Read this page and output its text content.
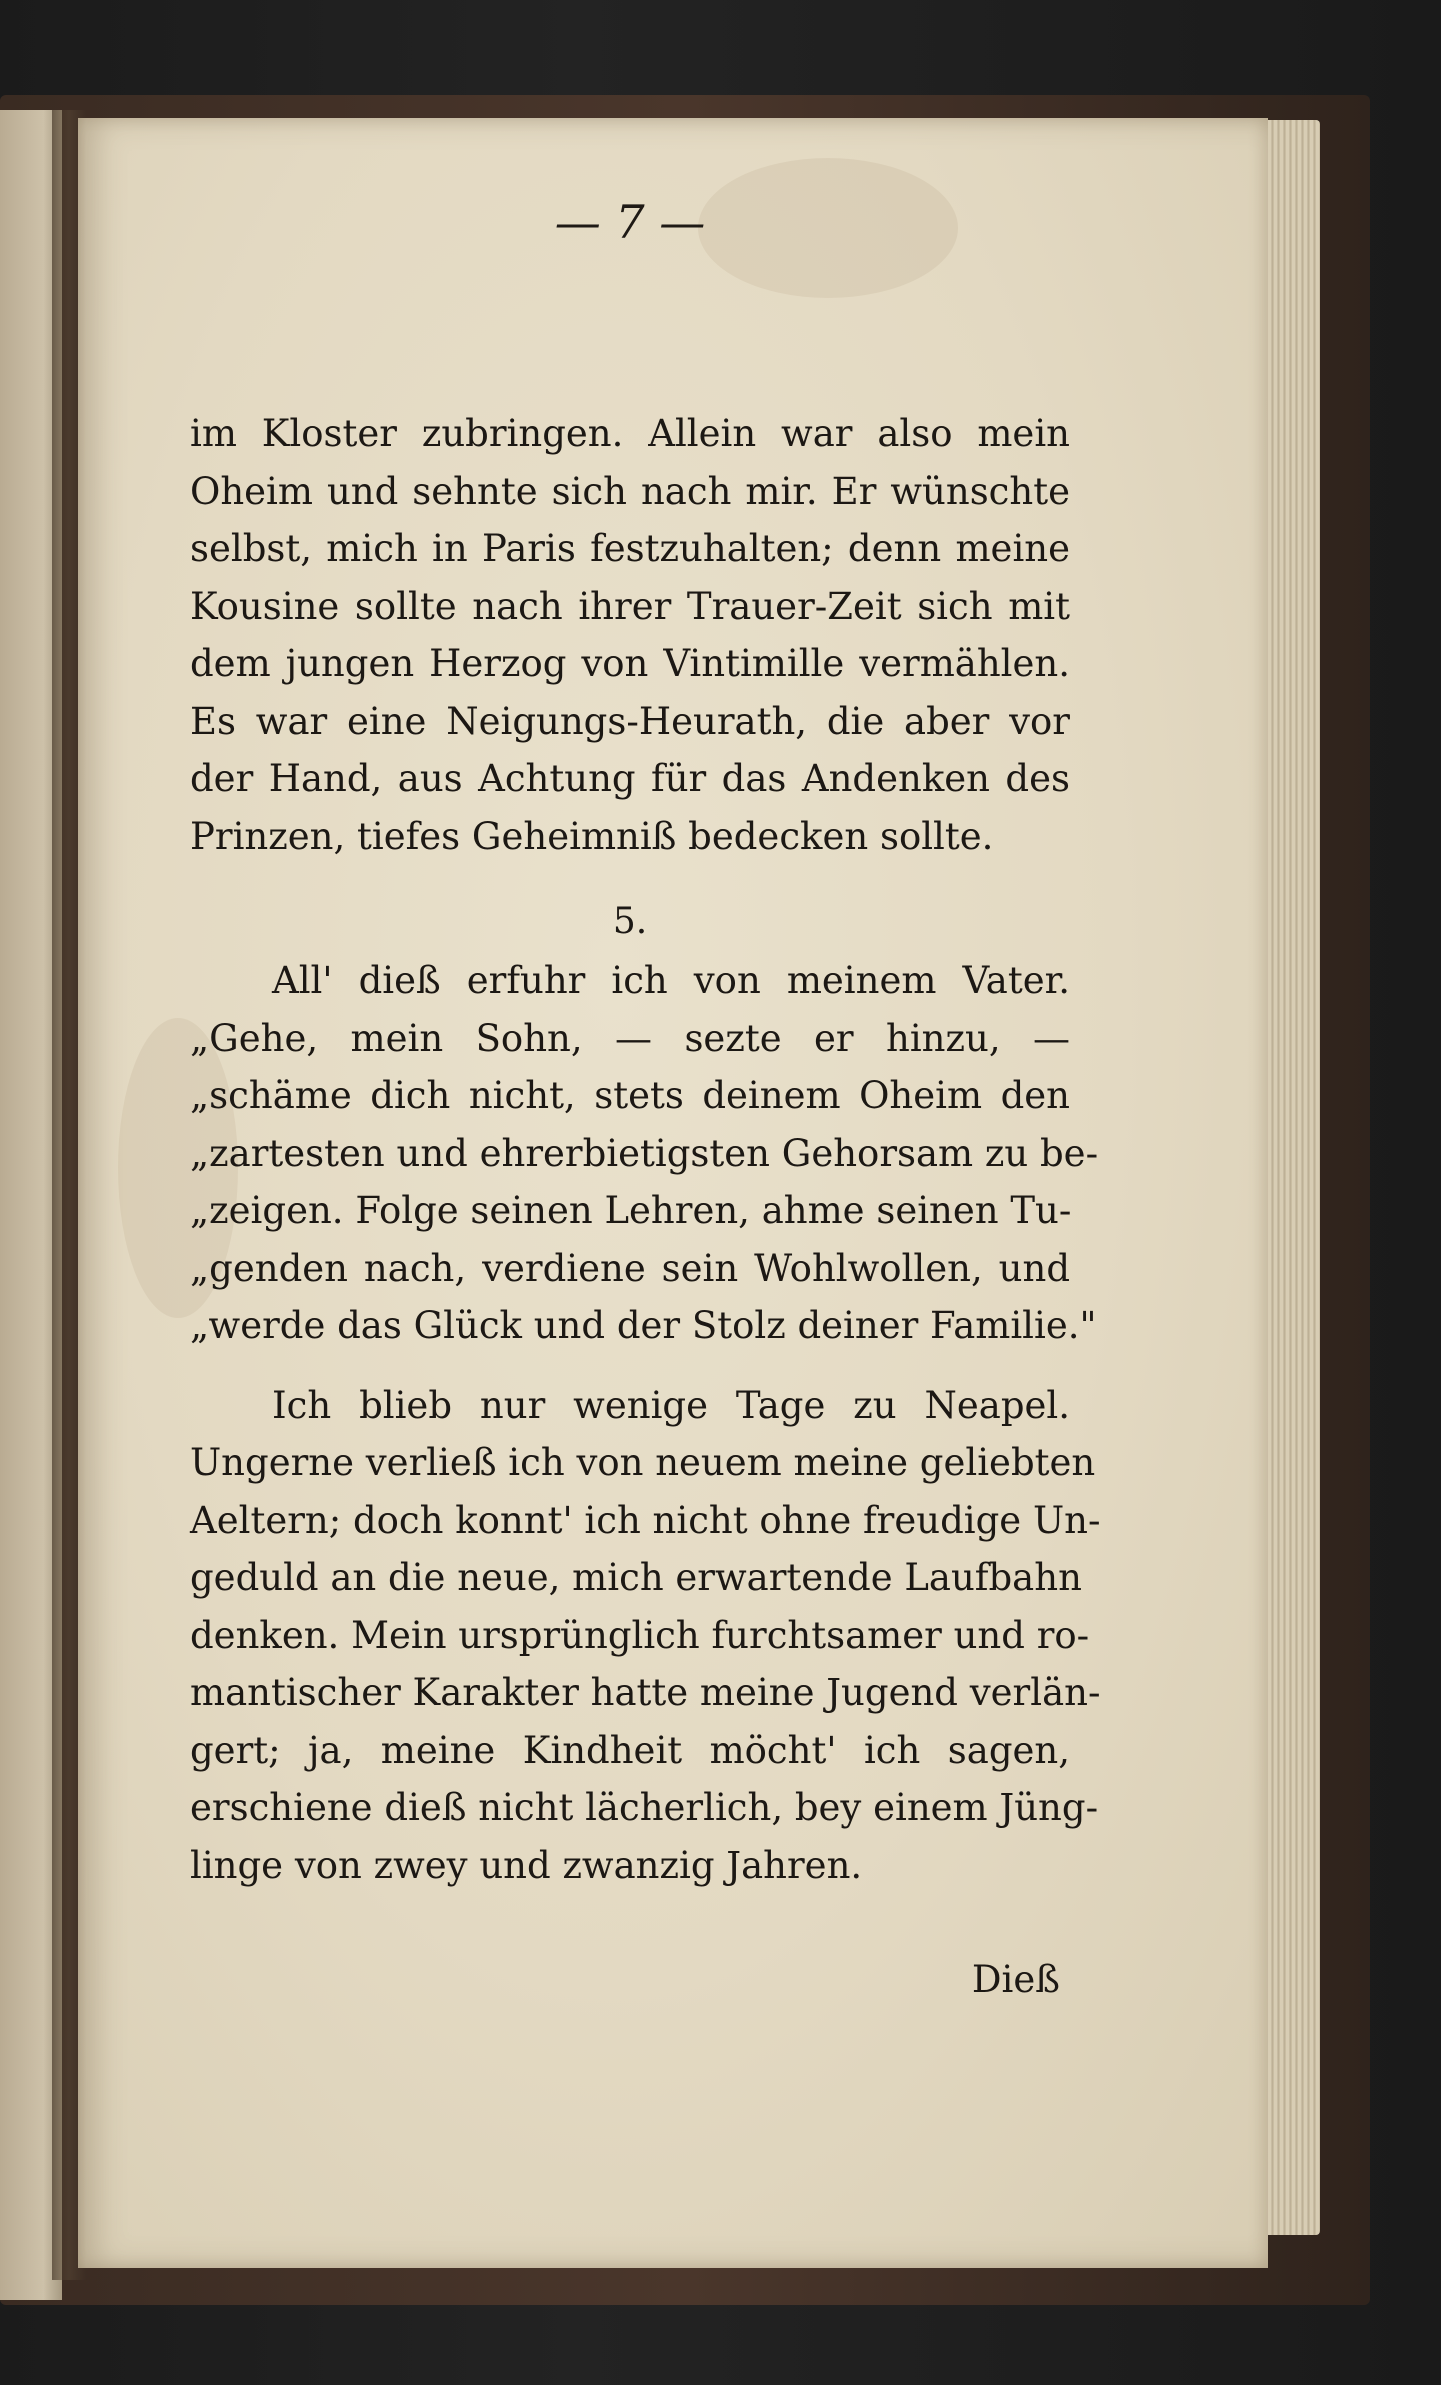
— 7 —

im Kloster zubringen. Allein war also mein
Oheim und sehnte sich nach mir. Er wünschte
selbst, mich in Paris festzuhalten; denn meine
Kousine sollte nach ihrer Trauer-Zeit sich mit
dem jungen Herzog von Vintimille vermählen.
Es war eine Neigungs-Heurath, die aber vor
der Hand, aus Achtung für das Andenken des
Prinzen, tiefes Geheimniß bedecken sollte.

5.

All' dieß erfuhr ich von meinem Vater.
„Gehe, mein Sohn, — sezte er hinzu, —
„schäme dich nicht, stets deinem Oheim den
„zartesten und ehrerbietigsten Gehorsam zu be-
„zeigen. Folge seinen Lehren, ahme seinen Tu-
„genden nach, verdiene sein Wohlwollen, und
„werde das Glück und der Stolz deiner Familie."

Ich blieb nur wenige Tage zu Neapel.
Ungerne verließ ich von neuem meine geliebten
Aeltern; doch konnt' ich nicht ohne freudige Un-
geduld an die neue, mich erwartende Laufbahn
denken. Mein ursprünglich furchtsamer und ro-
mantischer Karakter hatte meine Jugend verlän-
gert; ja, meine Kindheit möcht' ich sagen,
erschiene dieß nicht lächerlich, bey einem Jüng-
linge von zwey und zwanzig Jahren.

Dieß
